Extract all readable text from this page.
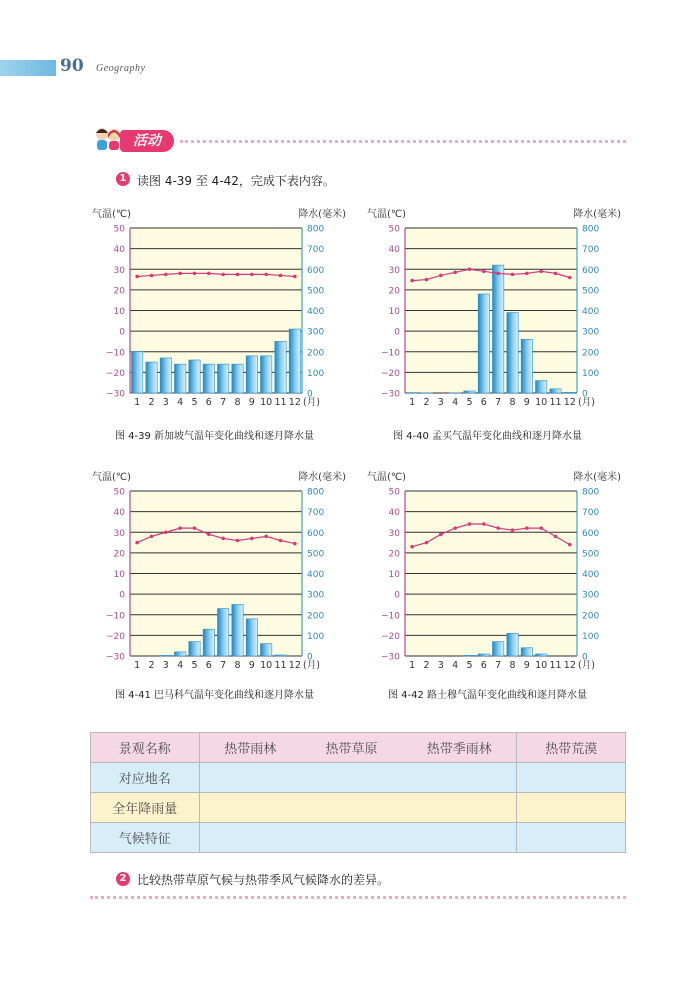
90 Geography
活动
1 读图 4-39 至 4-42，完成下表内容。
气温(℃)	降水(毫米)
50	800
40	700
30	600
20	500
10	400
0	300
−10	200
−20	100
−30	0
1 2 3 4 5 6 7 8 9 10 11 12 (月)
图 4-39 新加坡气温年变化曲线和逐月降水量
气温(℃)	降水(毫米)
50	800
40	700
30	600
20	500
10	400
0	300
−10	200
−20	100
−30	0
1 2 3 4 5 6 7 8 9 10 11 12 (月)
图 4-40 孟买气温年变化曲线和逐月降水量
气温(℃)	降水(毫米)
50	800
40	700
30	600
20	500
10	400
0	300
−10	200
−20	100
−30	0
1 2 3 4 5 6 7 8 9 10 11 12 (月)
图 4-41 巴马科气温年变化曲线和逐月降水量
气温(℃)	降水(毫米)
50	800
40	700
30	600
20	500
10	400
0	300
−10	200
−20	100
−30	0
1 2 3 4 5 6 7 8 9 10 11 12 (月)
图 4-42 路土穆气温年变化曲线和逐月降水量
景观名称	热带雨林 热带草原 热带季雨林	热带荒漠
对应地名		
全年降雨量		
气候特征		
2 比较热带草原气候与热带季风气候降水的差异。
